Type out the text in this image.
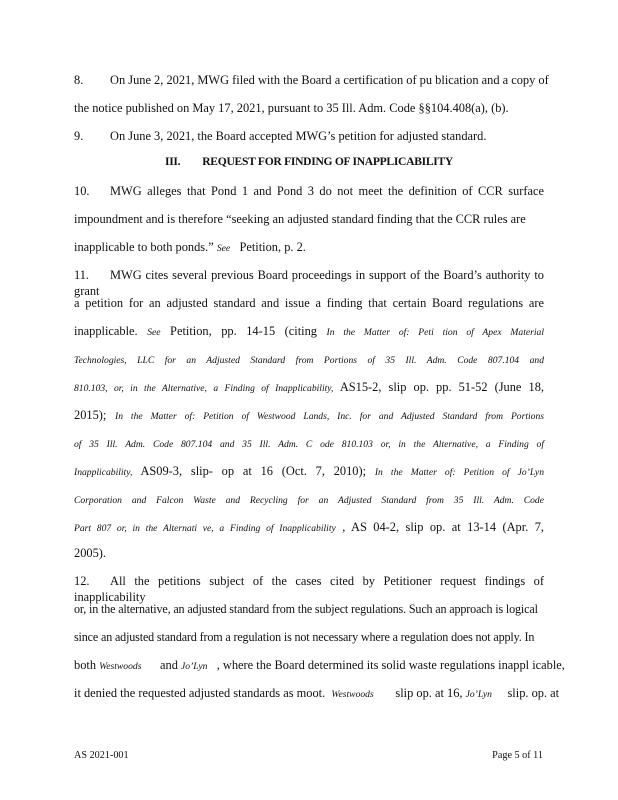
8. On June 2, 2021, MWG filed with the Board a certification of pu blication and a copy of
the notice published on May 17, 2021, pursuant to 35 Ill. Adm. Code §§104.408(a), (b).
9. On June 3, 2021, the Board accepted MWG’s petition for adjusted standard.
III. REQUEST FOR FINDING OF INAPPLICABILITY
10. MWG alleges that Pond 1 and Pond 3 do not meet the definition of CCR surface
impoundment and is therefore “seeking an adjusted standard finding that the CCR rules are
inapplicable to both ponds.” See Petition, p. 2.
11. MWG cites several previous Board proceedings in support of the Board’s authority to grant
a petition for an adjusted standard and issue a finding that certain Board regulations are
inapplicable. See Petition, pp. 14-15 (citing In the Matter of: Peti tion of Apex Material
Technologies, LLC for an Adjusted Standard from Portions of 35 Ill. Adm. Code 807.104 and
810.103, or, in the Alternative, a Finding of Inapplicability, AS15-2, slip op. pp. 51-52 (June 18,
2015); In the Matter of: Petition of Westwood Lands, Inc. for and Adjusted Standard from Portions
of 35 Ill. Adm. Code 807.104 and 35 Ill. Adm. C ode 810.103 or, in the Alternative, a Finding of
Inapplicability, AS09-3, slip- op at 16 (Oct. 7, 2010); In the Matter of: Petition of Jo’Lyn
Corporation and Falcon Waste and Recycling for an Adjusted Standard from 35 Ill. Adm. Code
Part 807 or, in the Alternati ve, a Finding of Inapplicability , AS 04-2, slip op. at 13-14 (Apr. 7,
2005).
12. All the petitions subject of the cases cited by Petitioner request findings of inapplicability
or, in the alternative, an adjusted standard from the subject regulations. Such an approach is logical
since an adjusted standard from a regulation is not necessary where a regulation does not apply. In
both Westwoods and Jo’Lyn , where the Board determined its solid waste regulations inappl icable,
it denied the requested adjusted standards as moot. Westwoods slip op. at 16, Jo’Lyn slip. op. at
AS 2021-001	Page 5 of 11
